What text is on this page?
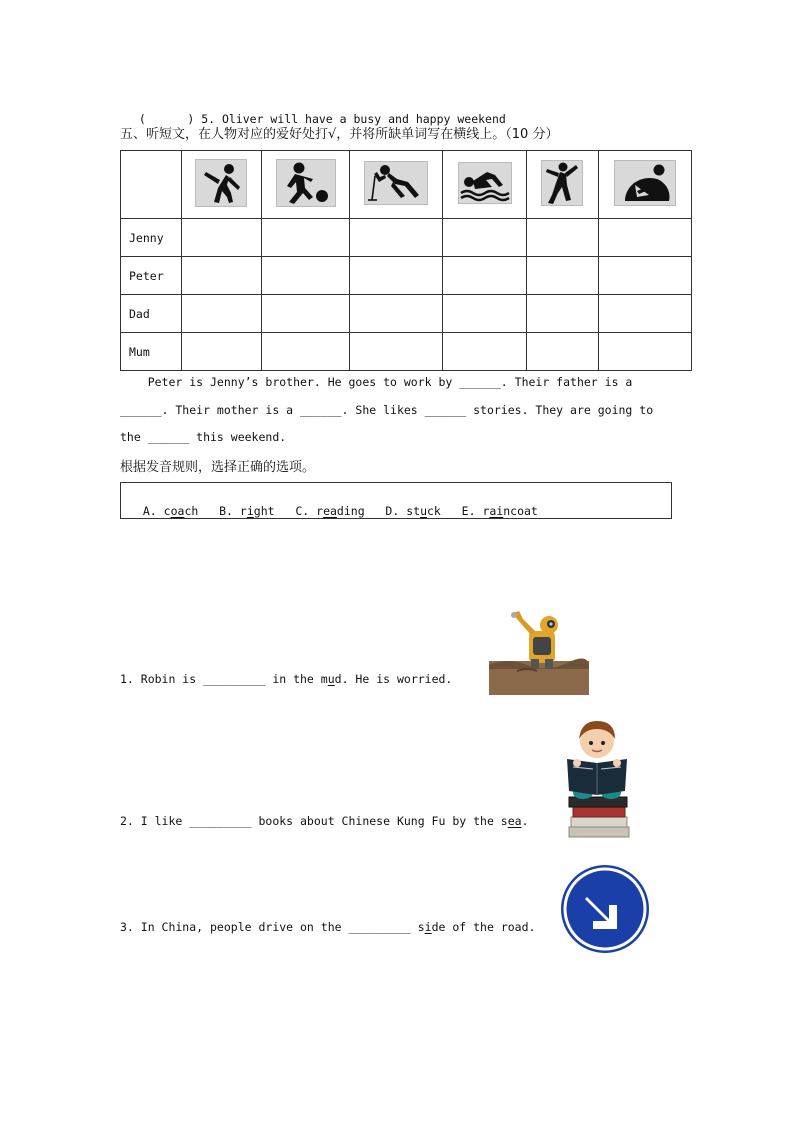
(      ) 5. Oliver will have a busy and happy weekend

五、听短文，在人物对应的爱好处打√，并将所缺单词写在横线上。（10 分）

Jenny						
Peter						
Dad						
Mum						
Peter is Jenny’s brother. He goes to work by ______. Their father is a
______. Their mother is a ______. She likes ______ stories. They are going to
the ______ this weekend.
根据发音规则，选择正确的选项。

A. coach B. right C. reading D. stuck E. raincoat

1. Robin is _________ in the mud. He is worried.

2. I like _________ books about Chinese Kung Fu by the sea.

3. In China, people drive on the _________ side of the road.
